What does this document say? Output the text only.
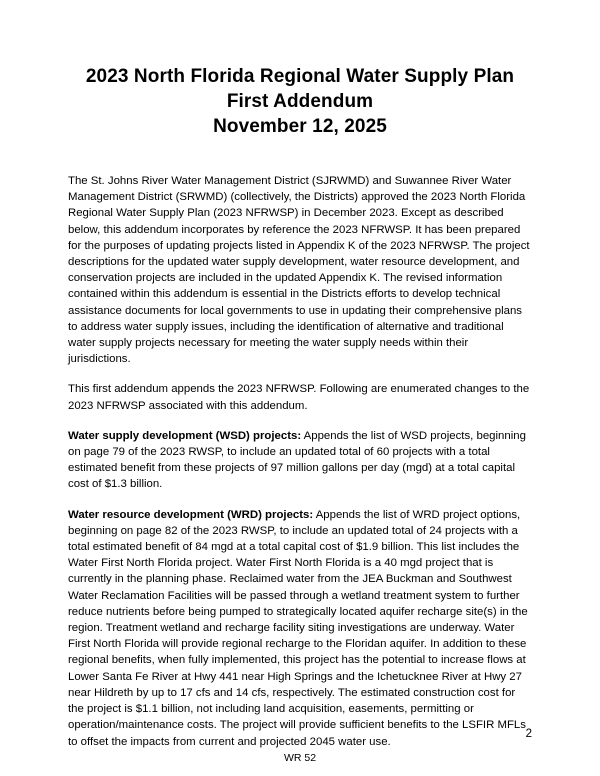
2023 North Florida Regional Water Supply Plan
First Addendum
November 12, 2025

The St. Johns River Water Management District (SJRWMD) and Suwannee River Water Management District (SRWMD) (collectively, the Districts) approved the 2023 North Florida Regional Water Supply Plan (2023 NFRWSP) in December 2023. Except as described below, this addendum incorporates by reference the 2023 NFRWSP. It has been prepared for the purposes of updating projects listed in Appendix K of the 2023 NFRWSP. The project descriptions for the updated water supply development, water resource development, and conservation projects are included in the updated Appendix K. The revised information contained within this addendum is essential in the Districts efforts to develop technical assistance documents for local governments to use in updating their comprehensive plans to address water supply issues, including the identification of alternative and traditional water supply projects necessary for meeting the water supply needs within their jurisdictions.

This first addendum appends the 2023 NFRWSP. Following are enumerated changes to the 2023 NFRWSP associated with this addendum.

Water supply development (WSD) projects: Appends the list of WSD projects, beginning on page 79 of the 2023 RWSP, to include an updated total of 60 projects with a total estimated benefit from these projects of 97 million gallons per day (mgd) at a total capital cost of $1.3 billion.

Water resource development (WRD) projects: Appends the list of WRD project options, beginning on page 82 of the 2023 RWSP, to include an updated total of 24 projects with a total estimated benefit of 84 mgd at a total capital cost of $1.9 billion. This list includes the Water First North Florida project. Water First North Florida is a 40 mgd project that is currently in the planning phase. Reclaimed water from the JEA Buckman and Southwest Water Reclamation Facilities will be passed through a wetland treatment system to further reduce nutrients before being pumped to strategically located aquifer recharge site(s) in the region. Treatment wetland and recharge facility siting investigations are underway. Water First North Florida will provide regional recharge to the Floridan aquifer. In addition to these regional benefits, when fully implemented, this project has the potential to increase flows at Lower Santa Fe River at Hwy 441 near High Springs and the Ichetucknee River at Hwy 27 near Hildreth by up to 17 cfs and 14 cfs, respectively. The estimated construction cost for the project is $1.1 billion, not including land acquisition, easements, permitting or operation/maintenance costs. The project will provide sufficient benefits to the LSFIR MFLs to offset the impacts from current and projected 2045 water use.

2
WR 52
